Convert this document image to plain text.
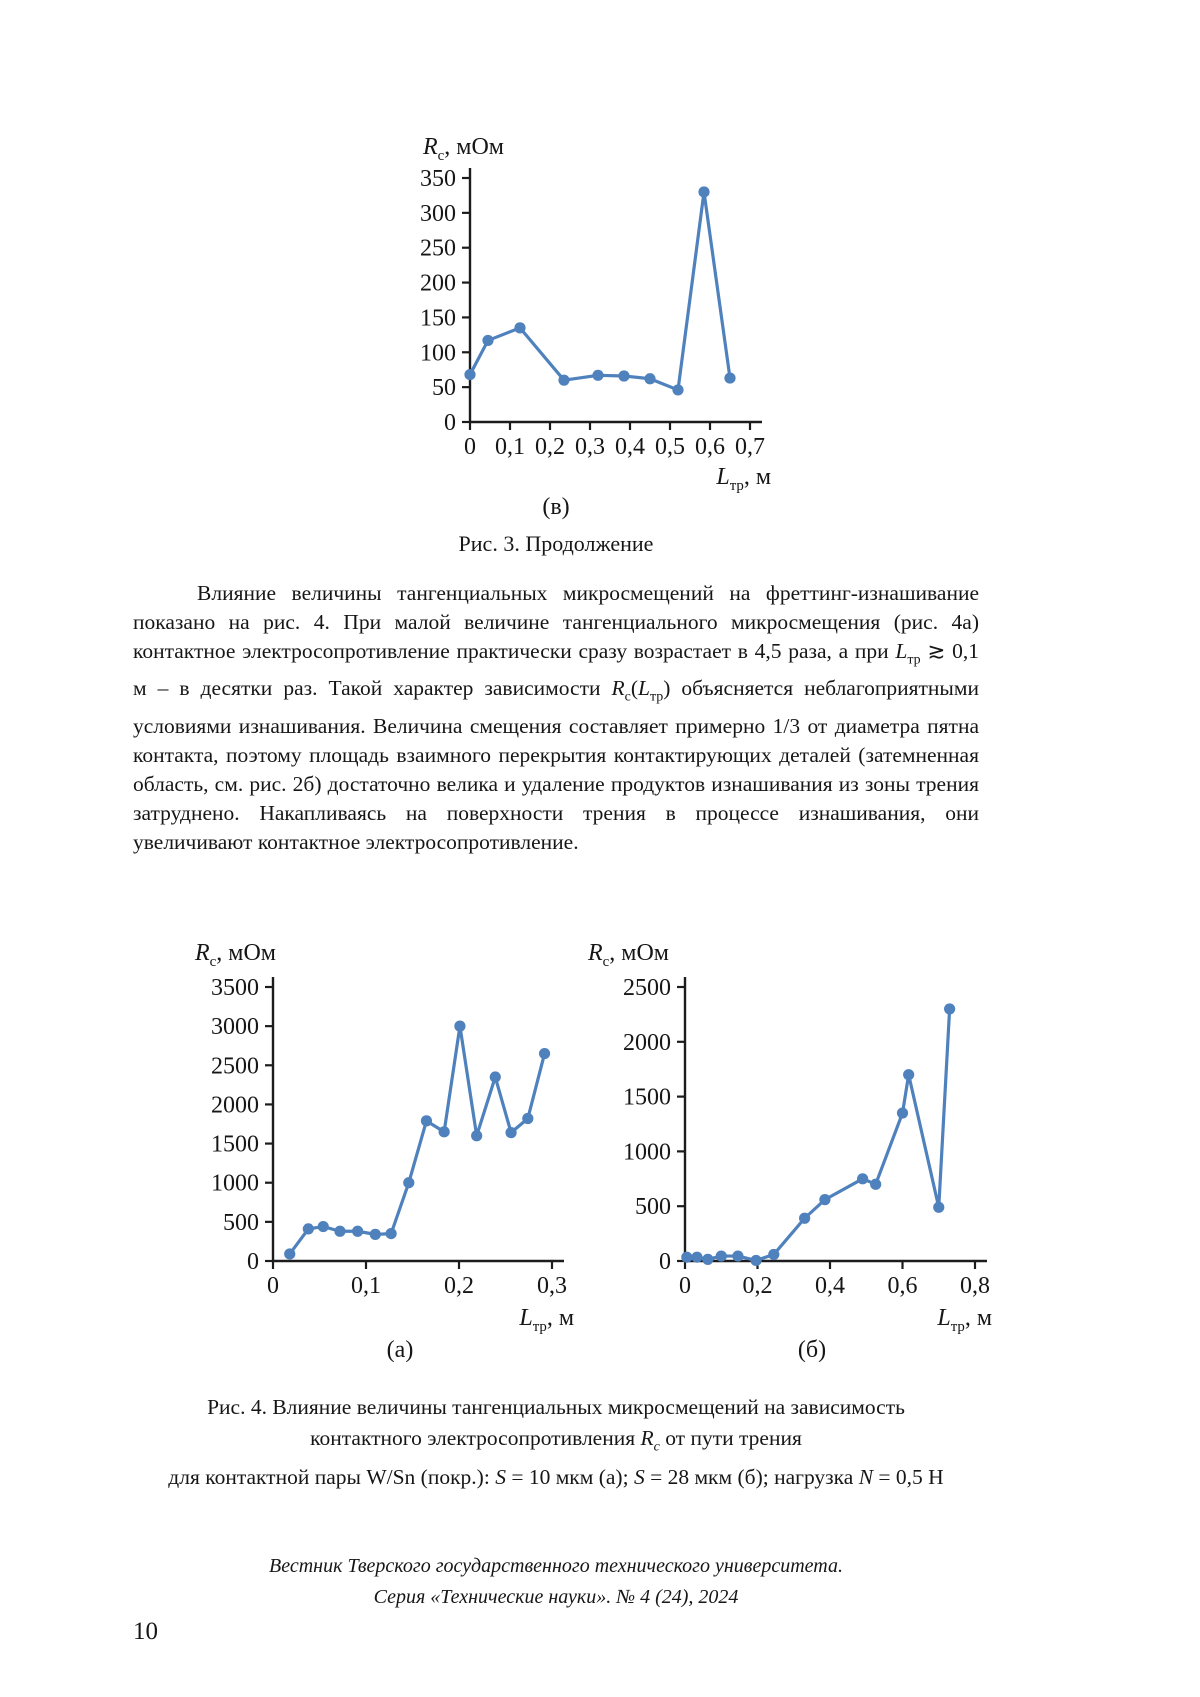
0
50
100
150
200
250
300
350
0 0,1 0,2 0,3 0,4 0,5 0,6 0,7
$R_c$, мОм
$L_{тр}$, м
(в)
Рис. 3. Продолжение

Влияние величины тангенциальных микросмещений на фреттинг-изнашивание показано на рис. 4. При малой величине тангенциального микросмещения (рис. 4а) контактное электросопротивление практически сразу возрастает в 4,5 раза, а при $L_{тр}$ ≳ 0,1 м – в десятки раз. Такой характер зависимости $R_c(L_{тр})$ объясняется неблагоприятными условиями изнашивания. Величина смещения составляет примерно 1/3 от диаметра пятна контакта, поэтому площадь взаимного перекрытия контактирующих деталей (затемненная область, см. рис. 2б) достаточно велика и удаление продуктов изнашивания из зоны трения затруднено. Накапливаясь на поверхности трения в процессе изнашивания, они увеличивают контактное электросопротивление.

0
500
1000
1500
2000
2500
3000
3500
0	0,1	0,2	0,3
$R_c$, мОм
$L_{тр}$, м
(а)
0
500
1000
1500
2000
2500
0 0,2 0,4 0,6 0,8
$R_c$, мОм
$L_{тр}$, м
(б)
Рис. 4. Влияние величины тангенциальных микросмещений на зависимость
контактного электросопротивления $R_c$ от пути трения
для контактной пары W/Sn (покр.): S = 10 мкм (а); S = 28 мкм (б); нагрузка N = 0,5 Н
Вестник Тверского государственного технического университета.
Серия «Технические науки». № 4 (24), 2024
10
